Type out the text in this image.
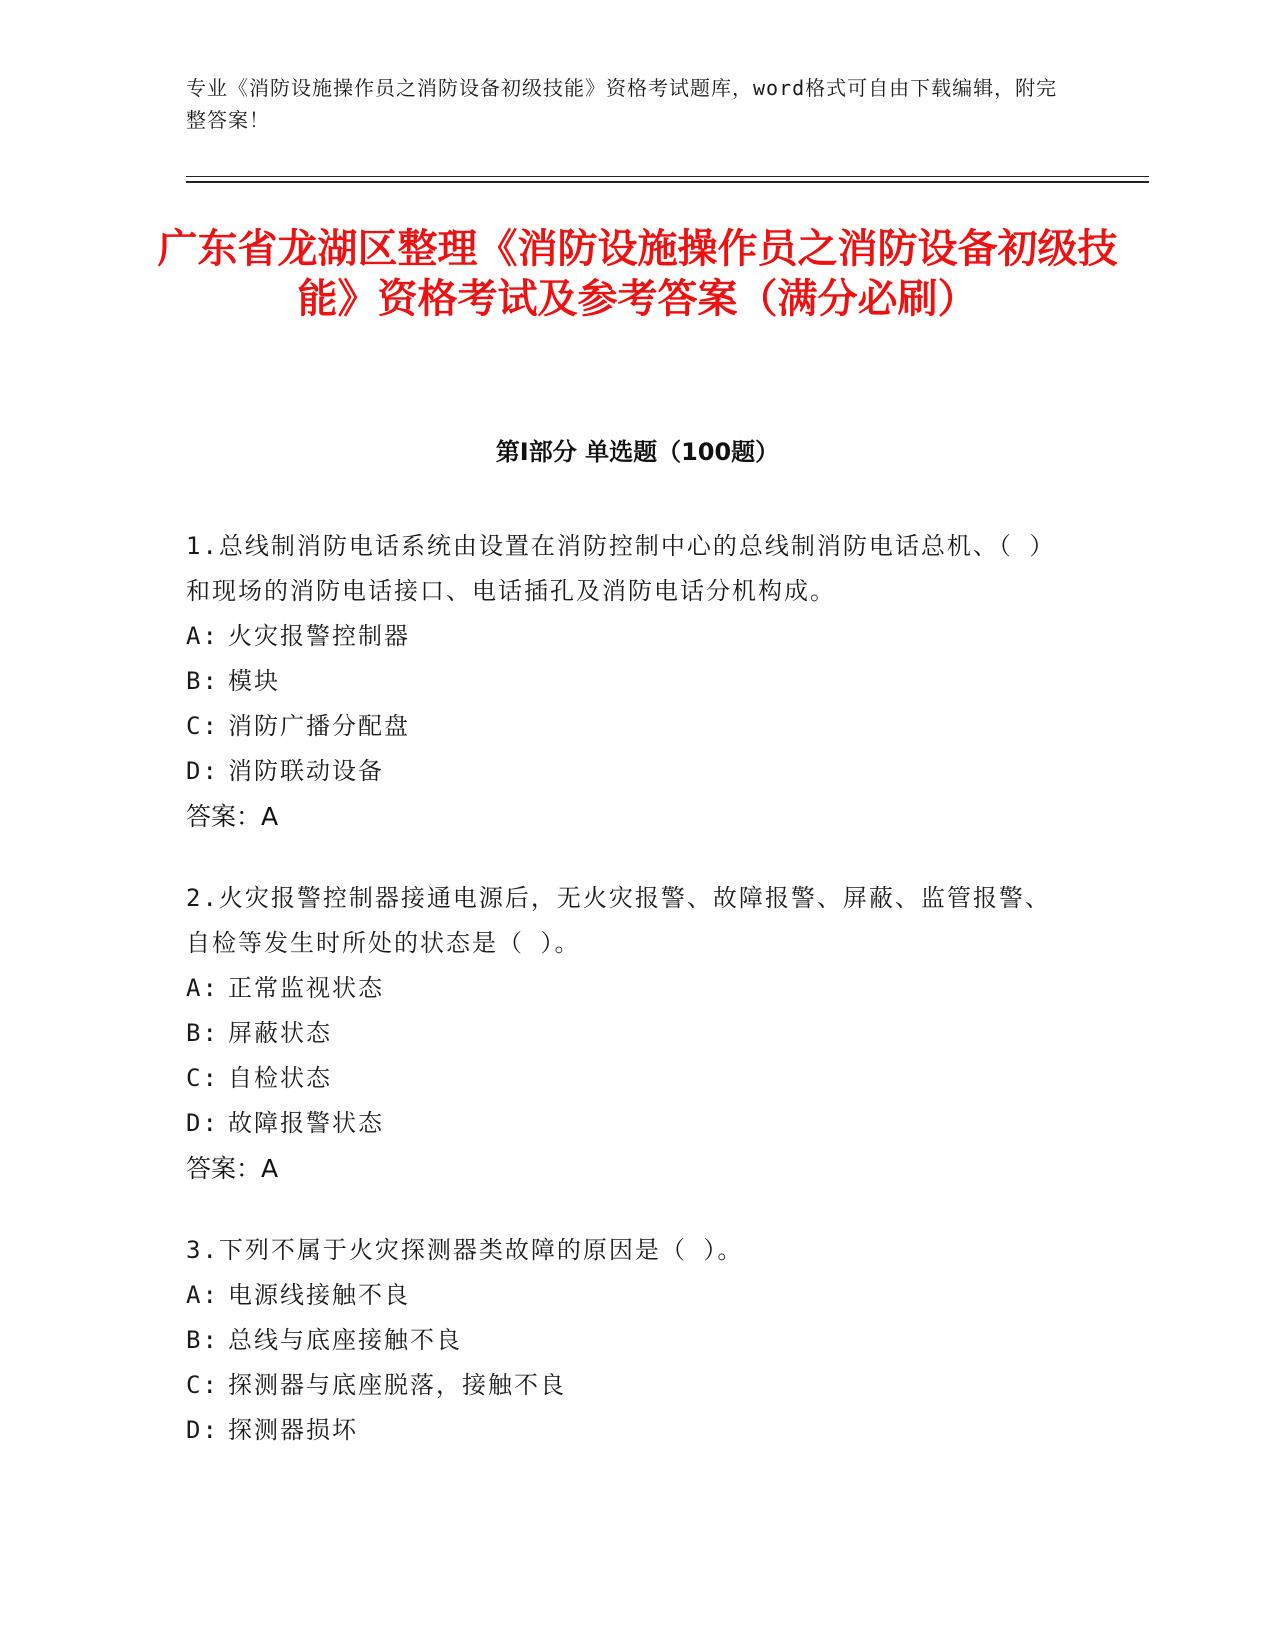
专业《消防设施操作员之消防设备初级技能》资格考试题库，word格式可自由下载编辑，附完整答案！
广东省龙湖区整理《消防设施操作员之消防设备初级技能》资格考试及参考答案（满分必刷）
第Ⅰ部分 单选题（100题）
1.总线制消防电话系统由设置在消防控制中心的总线制消防电话总机、（ ）和现场的消防电话接口、电话插孔及消防电话分机构成。
A: 火灾报警控制器
B: 模块
C: 消防广播分配盘
D: 消防联动设备
答案：A
2.火灾报警控制器接通电源后，无火灾报警、故障报警、屏蔽、监管报警、自检等发生时所处的状态是（ ）。
A: 正常监视状态
B: 屏蔽状态
C: 自检状态
D: 故障报警状态
答案：A
3.下列不属于火灾探测器类故障的原因是（ ）。
A: 电源线接触不良
B: 总线与底座接触不良
C: 探测器与底座脱落，接触不良
D: 探测器损坏
